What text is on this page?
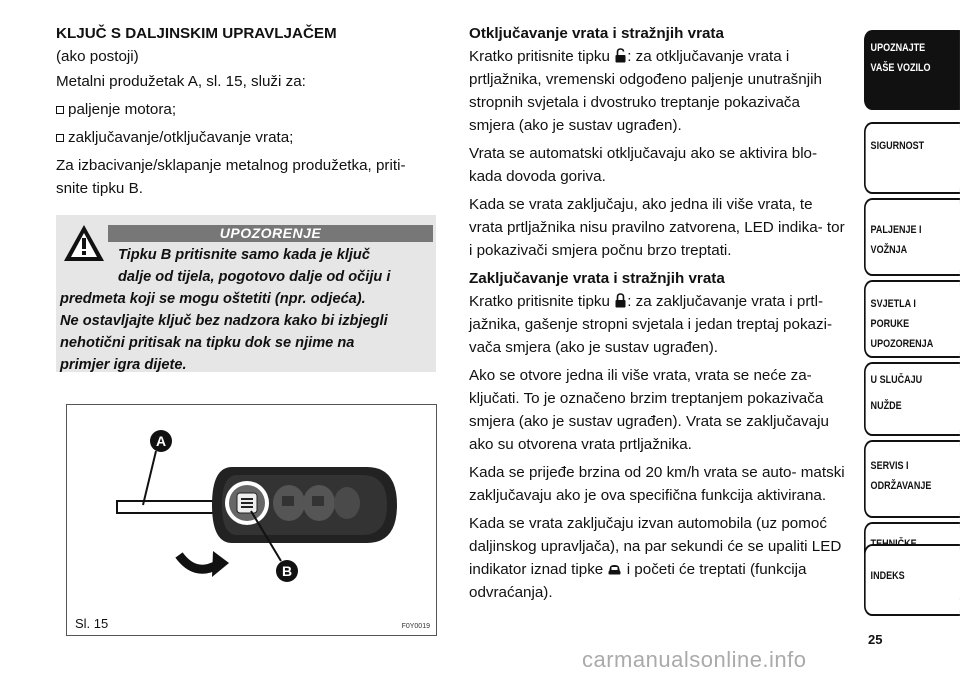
KLJUČ S DALJINSKIM UPRAVLJAČEM
(ako postoji)
Metalni produžetak A, sl. 15, služi za:
paljenje motora;
zaključavanje/otključavanje vrata;
Za izbacivanje/sklapanje metalnog produžetka, priti- snite tipku B.
UPOZORENJE
Tipku B pritisnite samo kada je ključ
dalje od tijela, pogotovo dalje od očiju i
predmeta koji se mogu oštetiti (npr. odjeća).
Ne ostavljajte ključ bez nadzora kako bi izbjegli
nehotični pritisak na tipku dok se njime na
primjer igra dijete.
A
B
Sl. 15	F0Y0019
Otključavanje vrata i stražnjih vrata
Kratko pritisnite tipku : za otključavanje vrata i prtljažnika, vremenski odgođeno paljenje unutrašnjih stropnih svjetala i dvostruko treptanje pokazivača smjera (ako je sustav ugrađen).
Vrata se automatski otključavaju ako se aktivira blo- kada dovoda goriva.
Kada se vrata zaključaju, ako jedna ili više vrata, te vrata prtljažnika nisu pravilno zatvorena, LED indika- tor i pokazivači smjera počnu brzo treptati.
Zaključavanje vrata i stražnjih vrata
Kratko pritisnite tipku : za zaključavanje vrata i prtl- jažnika, gašenje stropni svjetala i jedan treptaj pokazi- vača smjera (ako je sustav ugrađen).
Ako se otvore jedna ili više vrata, vrata se neće za- ključati. To je označeno brzim treptanjem pokazivača smjera (ako je sustav ugrađen). Vrata se zaključavaju ako su otvorena vrata prtljažnika.
Kada se prijeđe brzina od 20 km/h vrata se auto- matski zaključavaju ako je ova specifična funkcija aktivirana.
Kada se vrata zaključaju izvan automobila (uz pomoć daljinskog upravljača), na par sekundi će se upaliti LED indikator iznad tipke i početi će treptati (funkcija odvraćanja).
UPOZNAJTE
VAŠE VOZILO
SIGURNOST
PALJENJE I
VOŽNJA
SVJETLA I PORUKE
UPOZORENJA
U SLUČAJU
NUŽDE
SERVIS I
ODRŽAVANJE
INDEKS
25
carmanualsonline.info
